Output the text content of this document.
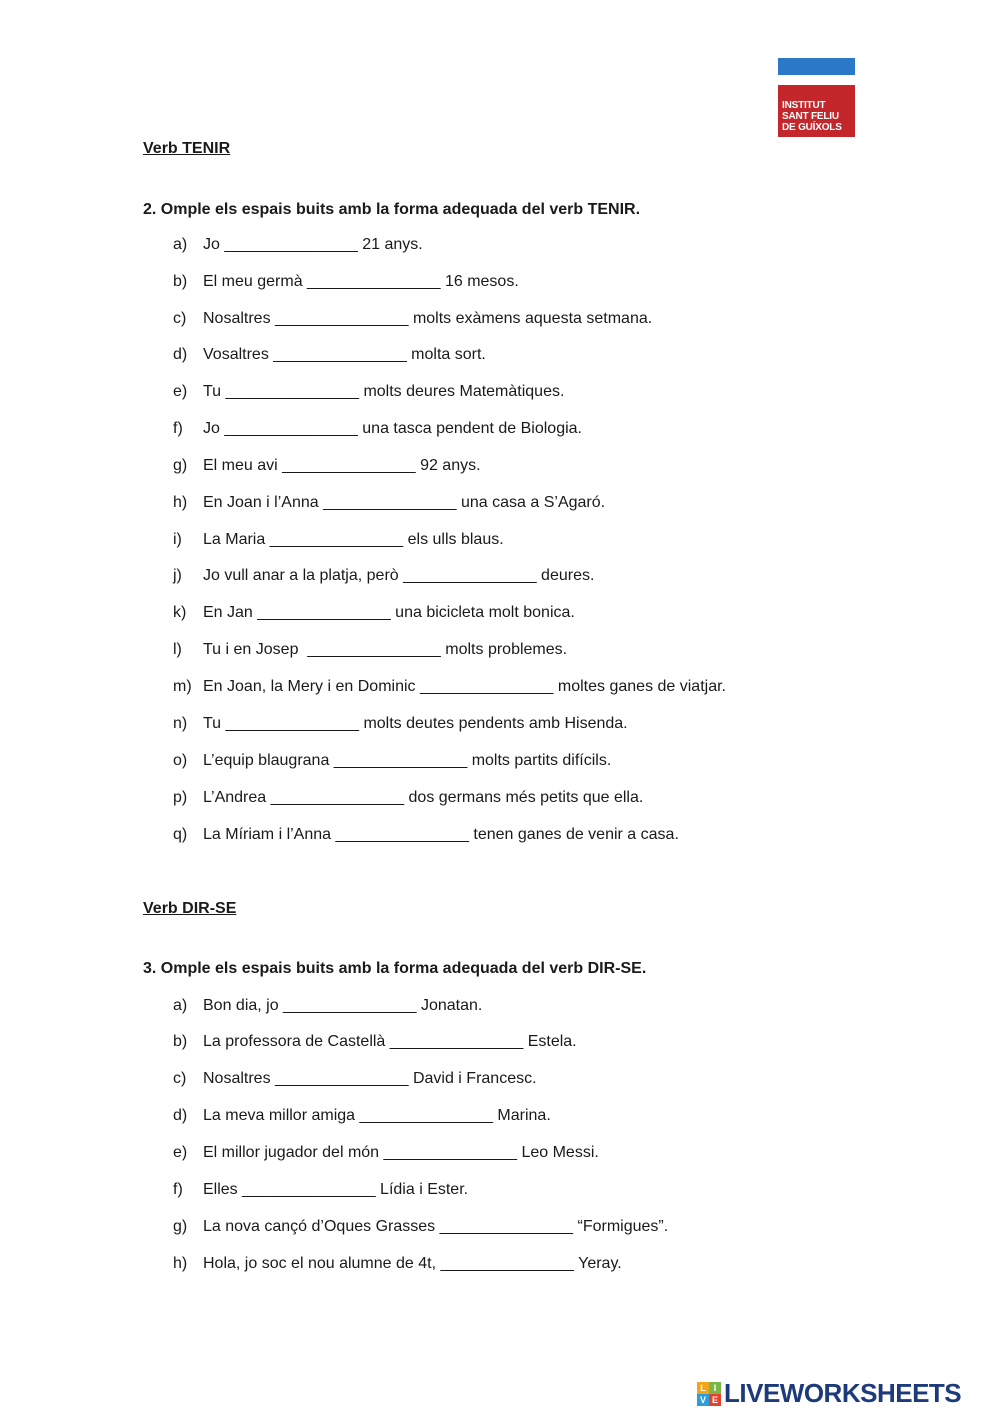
INSTITUT
SANT FELIU
DE GUÍXOLS
Verb TENIR
2. Omple els espais buits amb la forma adequada del verb TENIR.
a) Jo _______________ 21 anys.
b) El meu germà _______________ 16 mesos.
c) Nosaltres _______________ molts exàmens aquesta setmana.
d) Vosaltres _______________ molta sort.
e) Tu _______________ molts deures Matemàtiques.
f) Jo _______________ una tasca pendent de Biologia.
g) El meu avi _______________ 92 anys.
h) En Joan i l’Anna _______________ una casa a S’Agaró.
i) La Maria _______________ els ulls blaus.
j) Jo vull anar a la platja, però _______________ deures.
k) En Jan _______________ una bicicleta molt bonica.
l) Tu i en Josep  _______________ molts problemes.
m) En Joan, la Mery i en Dominic _______________ moltes ganes de viatjar.
n) Tu _______________ molts deutes pendents amb Hisenda.
o) L’equip blaugrana _______________ molts partits difícils.
p) L’Andrea _______________ dos germans més petits que ella.
q) La Míriam i l’Anna _______________ tenen ganes de venir a casa.
Verb DIR-SE
3. Omple els espais buits amb la forma adequada del verb DIR-SE.
a) Bon dia, jo _______________ Jonatan.
b) La professora de Castellà _______________ Estela.
c) Nosaltres _______________ David i Francesc.
d) La meva millor amiga _______________ Marina.
e) El millor jugador del món _______________ Leo Messi.
f) Elles _______________ Lídia i Ester.
g) La nova cançó d’Oques Grasses _______________ “Formigues”.
h) Hola, jo soc el nou alumne de 4t, _______________ Yeray.
L I
V E LIVEWORKSHEETS
